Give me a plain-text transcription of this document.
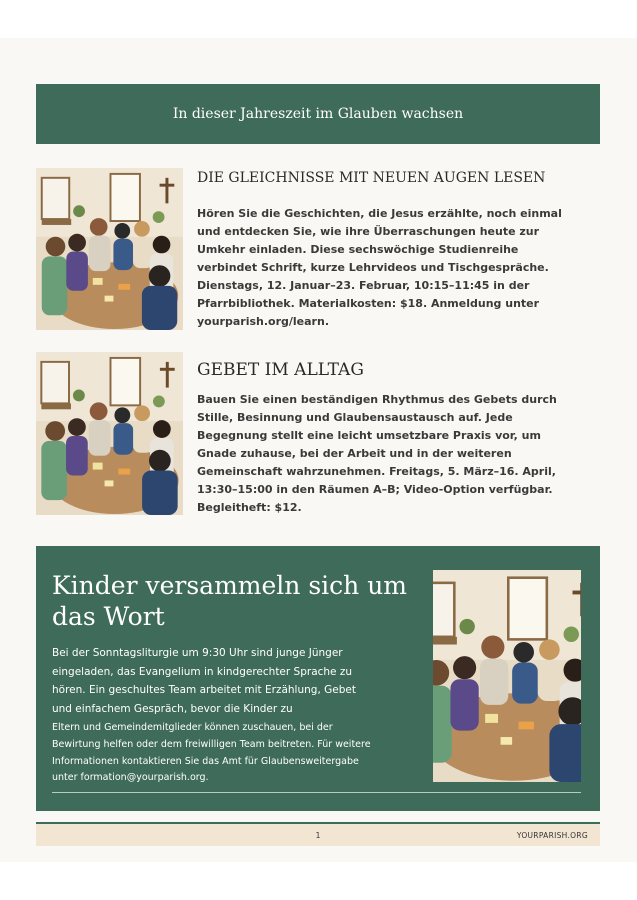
In dieser Jahreszeit im Glauben wachsen
DIE GLEICHNISSE MIT NEUEN AUGEN LESEN
Hören Sie die Geschichten, die Jesus erzählte, noch einmal und entdecken Sie, wie ihre Überraschungen heute zur Umkehr einladen. Diese sechswöchige Studienreihe verbindet Schrift, kurze Lehrvideos und Tischgespräche. Dienstags, 12. Januar–23. Februar, 10:15–11:45 in der Pfarrbibliothek. Materialkosten: $18. Anmeldung unter yourparish.org/learn.
GEBET IM ALLTAG
Bauen Sie einen beständigen Rhythmus des Gebets durch Stille, Besinnung und Glaubensaustausch auf. Jede Begegnung stellt eine leicht umsetzbare Praxis vor, um Gnade zuhause, bei der Arbeit und in der weiteren Gemeinschaft wahrzunehmen. Freitags, 5. März–16. April, 13:30–15:00 in den Räumen A–B; Video-Option verfügbar. Begleitheft: $12.
Kinder versammeln sich um das Wort
Bei der Sonntagsliturgie um 9:30 Uhr sind junge Jünger eingeladen, das Evangelium in kindgerechter Sprache zu hören. Ein geschultes Team arbeitet mit Erzählung, Gebet und einfachem Gespräch, bevor die Kinder zu
Eltern und Gemeindemitglieder können zuschauen, bei der Bewirtung helfen oder dem freiwilligen Team beitreten. Für weitere Informationen kontaktieren Sie das Amt für Glaubensweitergabe unter formation@yourparish.org.
1	YOURPARISH.ORG
